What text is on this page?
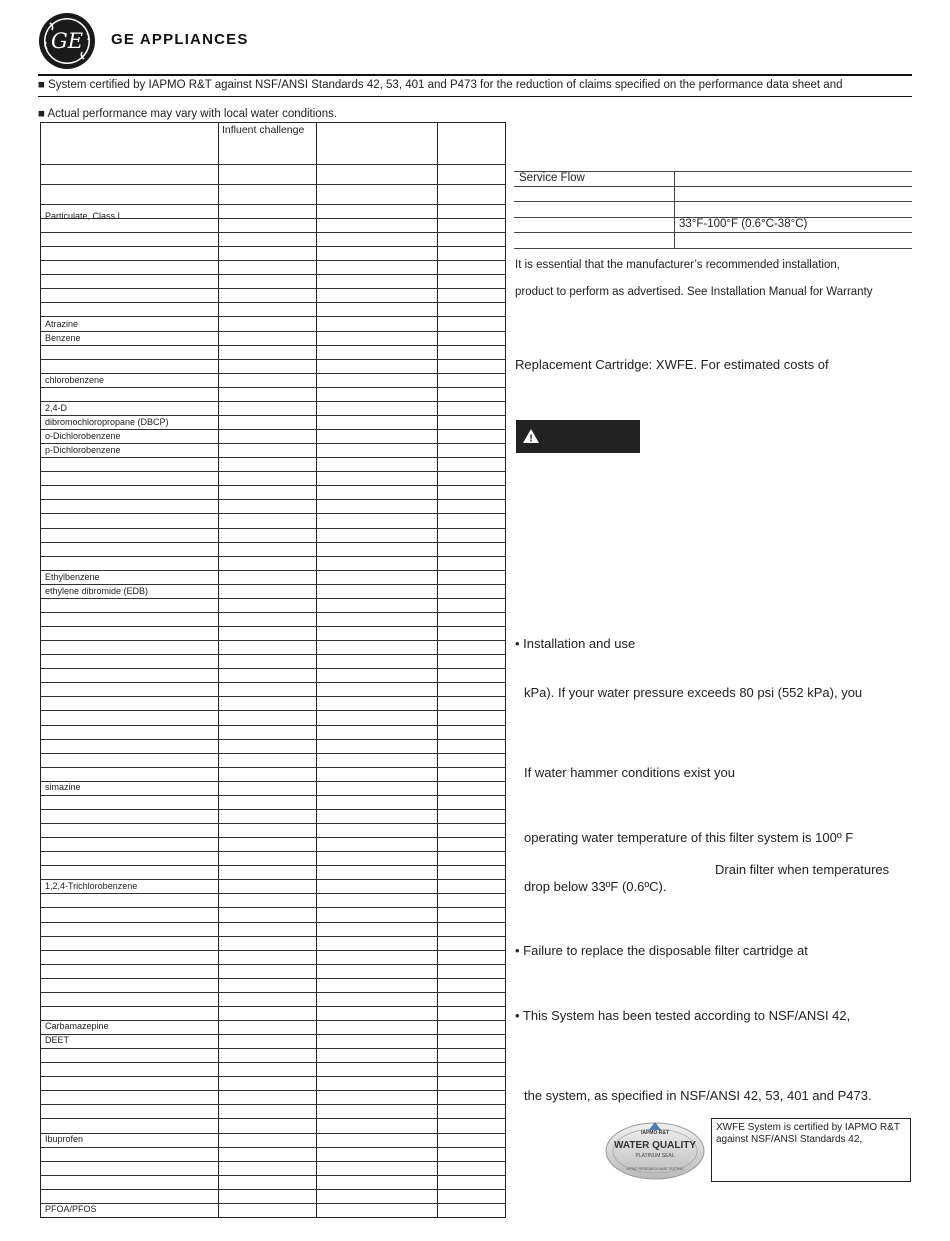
GE GE APPLIANCES
■ System certified by IAPMO R&T against NSF/ANSI Standards 42, 53, 401 and P473 for the reduction of claims specified on the performance data sheet and
■ Actual performance may vary with local water conditions.
Influent challenge
Particulate, Class I
Atrazine
Benzene
chlorobenzene
2,4-D
dibromochloropropane (DBCP)
o-Dichlorobenzene
p-Dichlorobenzene
Ethylbenzene
ethylene dibromide (EDB)
simazine
1,2,4-Trichlorobenzene
Carbamazepine
DEET
Ibuprofen
PFOA/PFOS
Service Flow
33°F-100°F (0.6°C-38°C)
It is essential that the manufacturer’s recommended installation,
product to perform as advertised. See Installation Manual for Warranty
Replacement Cartridge: XWFE. For estimated costs of
!
• Installation and use
kPa). If your water pressure exceeds 80 psi (552 kPa), you
If water hammer conditions exist you
operating water temperature of this filter system is 100º F
Drain filter when temperatures
drop below 33ºF (0.6ºC).
• Failure to replace the disposable filter cartridge at
• This System has been tested according to NSF/ANSI 42,
the system, as specified in NSF/ANSI 42, 53, 401 and P473.
IAPMO R&T
WATER QUALITY
PLATINUM SEAL
IAPMO RESEARCH AND TESTING
XWFE System is certified by IAPMO R&T against NSF/ANSI Standards 42,
